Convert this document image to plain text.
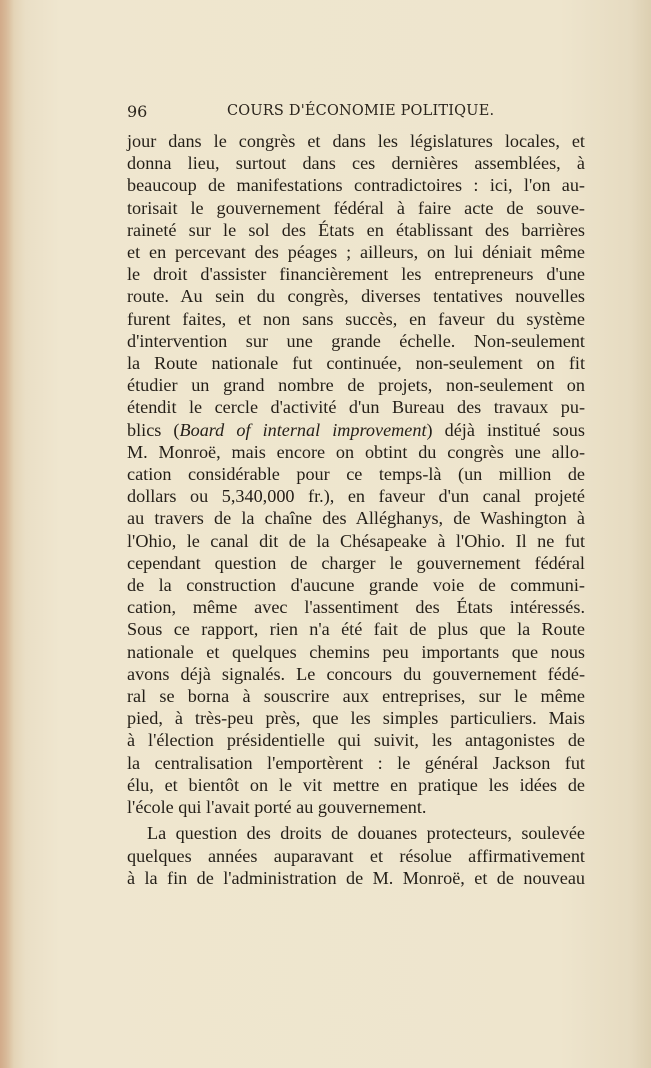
96	COURS D'ÉCONOMIE POLITIQUE.

jour dans le congrès et dans les législatures locales, et
donna lieu, surtout dans ces dernières assemblées, à
beaucoup de manifestations contradictoires : ici, l'on au-
torisait le gouvernement fédéral à faire acte de souve-
raineté sur le sol des États en établissant des barrières
et en percevant des péages ; ailleurs, on lui déniait même
le droit d'assister financièrement les entrepreneurs d'une
route. Au sein du congrès, diverses tentatives nouvelles
furent faites, et non sans succès, en faveur du système
d'intervention sur une grande échelle. Non-seulement
la Route nationale fut continuée, non-seulement on fit
étudier un grand nombre de projets, non-seulement on
étendit le cercle d'activité d'un Bureau des travaux pu-
blics (Board of internal improvement) déjà institué sous
M. Monroë, mais encore on obtint du congrès une allo-
cation considérable pour ce temps-là (un million de
dollars ou 5,340,000 fr.), en faveur d'un canal projeté
au travers de la chaîne des Alléghanys, de Washington à
l'Ohio, le canal dit de la Chésapeake à l'Ohio. Il ne fut
cependant question de charger le gouvernement fédéral
de la construction d'aucune grande voie de communi-
cation, même avec l'assentiment des États intéressés.
Sous ce rapport, rien n'a été fait de plus que la Route
nationale et quelques chemins peu importants que nous
avons déjà signalés. Le concours du gouvernement fédé-
ral se borna à souscrire aux entreprises, sur le même
pied, à très-peu près, que les simples particuliers. Mais
à l'élection présidentielle qui suivit, les antagonistes de
la centralisation l'emportèrent : le général Jackson fut
élu, et bientôt on le vit mettre en pratique les idées de
l'école qui l'avait porté au gouvernement.

La question des droits de douanes protecteurs, soulevée
quelques années auparavant et résolue affirmativement
à la fin de l'administration de M. Monroë, et de nouveau
